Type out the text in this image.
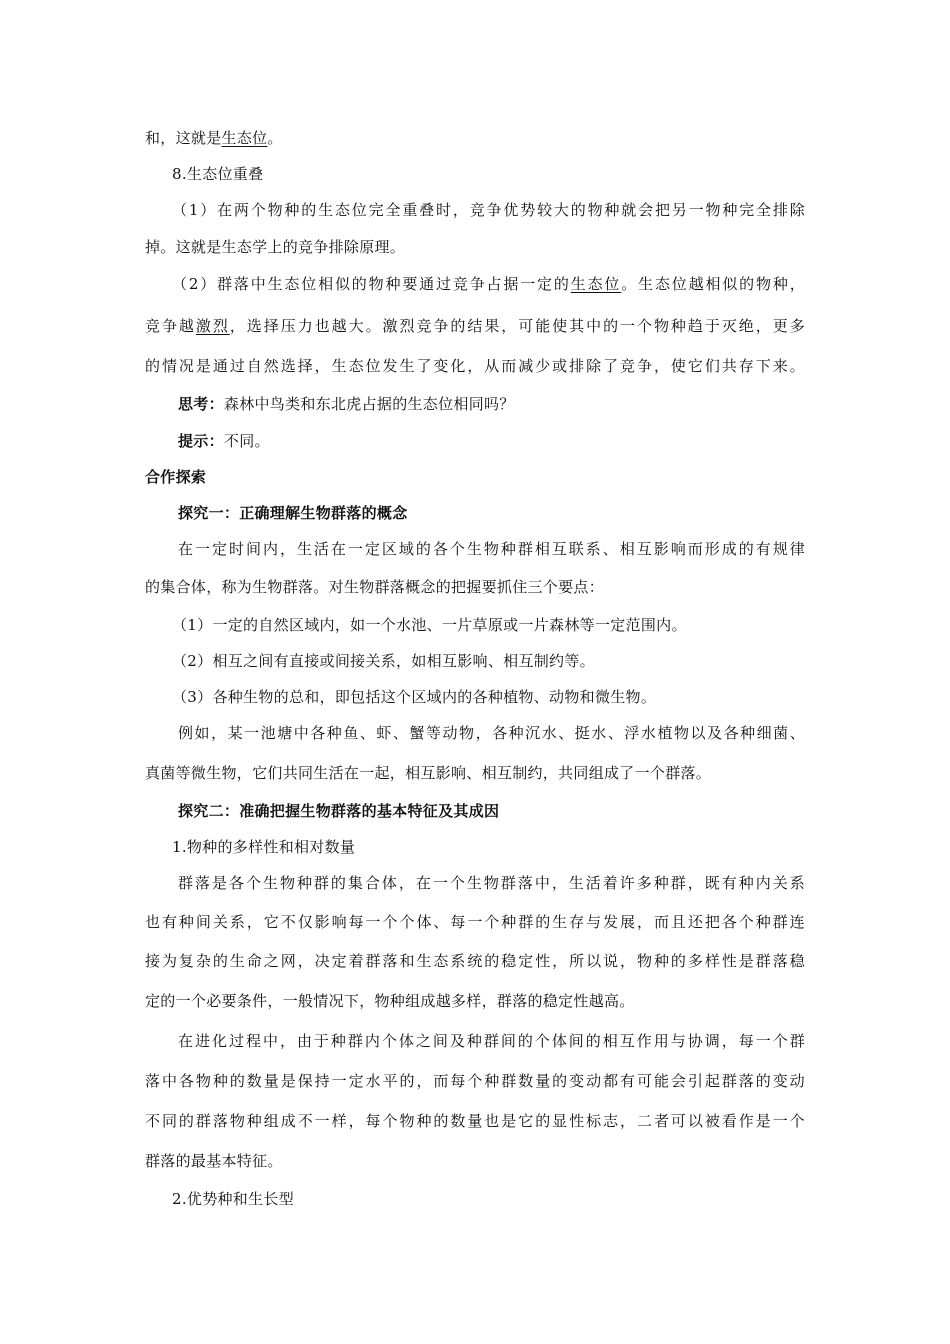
和，这就是生态位。
8.生态位重叠
（1）在两个物种的生态位完全重叠时，竞争优势较大的物种就会把另一物种完全排除
掉。这就是生态学上的竞争排除原理。
（2）群落中生态位相似的物种要通过竞争占据一定的生态位。生态位越相似的物种，
竞争越激烈，选择压力也越大。激烈竞争的结果，可能使其中的一个物种趋于灭绝，更多
的情况是通过自然选择，生态位发生了变化，从而减少或排除了竞争，使它们共存下来。
思考：森林中鸟类和东北虎占据的生态位相同吗？
提示：不同。
合作探索
探究一：正确理解生物群落的概念
在一定时间内，生活在一定区域的各个生物种群相互联系、相互影响而形成的有规律
的集合体，称为生物群落。对生物群落概念的把握要抓住三个要点：
（1）一定的自然区域内，如一个水池、一片草原或一片森林等一定范围内。
（2）相互之间有直接或间接关系，如相互影响、相互制约等。
（3）各种生物的总和，即包括这个区域内的各种植物、动物和微生物。
例如，某一池塘中各种鱼、虾、蟹等动物，各种沉水、挺水、浮水植物以及各种细菌、
真菌等微生物，它们共同生活在一起，相互影响、相互制约，共同组成了一个群落。
探究二：准确把握生物群落的基本特征及其成因
1.物种的多样性和相对数量
群落是各个生物种群的集合体，在一个生物群落中，生活着许多种群，既有种内关系
也有种间关系，它不仅影响每一个个体、每一个种群的生存与发展，而且还把各个种群连
接为复杂的生命之网，决定着群落和生态系统的稳定性，所以说，物种的多样性是群落稳
定的一个必要条件，一般情况下，物种组成越多样，群落的稳定性越高。
在进化过程中，由于种群内个体之间及种群间的个体间的相互作用与协调，每一个群
落中各物种的数量是保持一定水平的，而每个种群数量的变动都有可能会引起群落的变动
不同的群落物种组成不一样，每个物种的数量也是它的显性标志，二者可以被看作是一个
群落的最基本特征。
2.优势种和生长型
